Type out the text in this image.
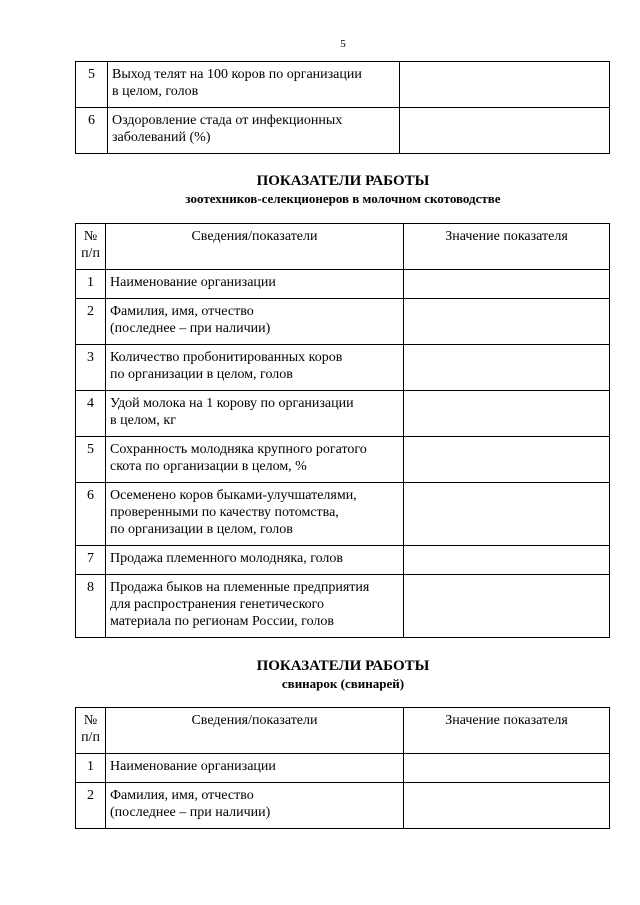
5
5	Выход телят на 100 коров по организации
в целом, голов	

6	Оздоровление стада от инфекционных
заболеваний (%)	

ПОКАЗАТЕЛИ РАБОТЫ
зоотехников-селекционеров в молочном скотоводстве
№
п/п	Сведения/показатели	Значение показателя
1	Наименование организации	

2	Фамилия, имя, отчество
(последнее – при наличии)	

3	Количество пробонитированных коров
по организации в целом, голов	

4	Удой молока на 1 корову по организации
в целом, кг	

5	Сохранность молодняка крупного рогатого
скота по организации в целом, %	

6	Осеменено коров быками-улучшателями,
проверенными по качеству потомства,
по организации в целом, голов	

7	Продажа племенного молодняка, голов	

8	Продажа быков на племенные предприятия
для распространения генетического
материала по регионам России, голов	

ПОКАЗАТЕЛИ РАБОТЫ
свинарок (свинарей)
№
п/п	Сведения/показатели	Значение показателя
1	Наименование организации	

2	Фамилия, имя, отчество
(последнее – при наличии)	
